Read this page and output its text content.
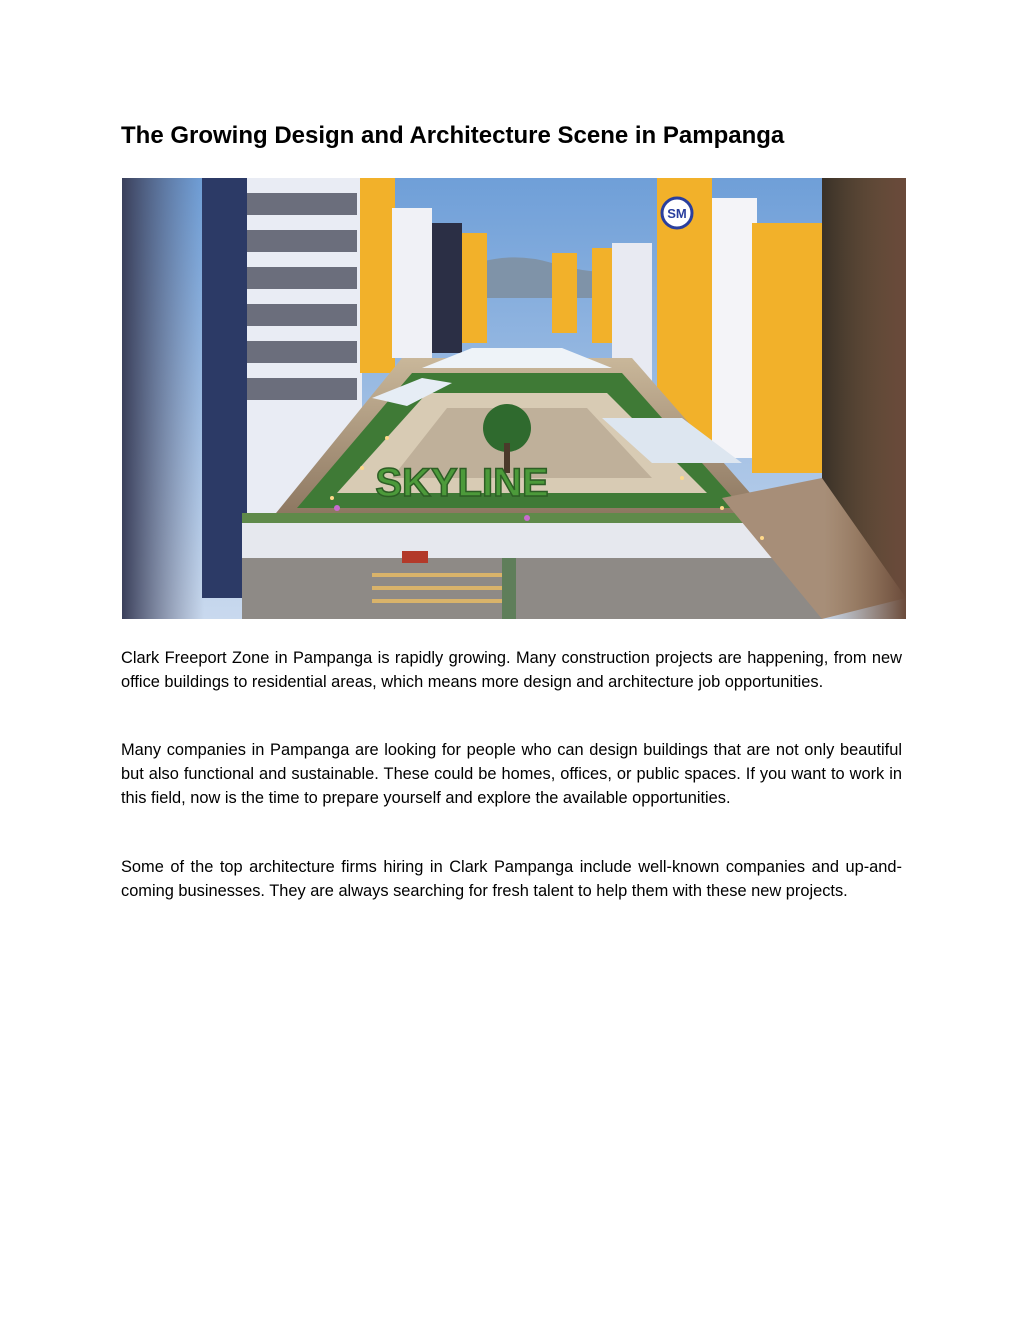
The Growing Design and Architecture Scene in Pampanga
SM
SKYLINE

Clark Freeport Zone in Pampanga is rapidly growing. Many construction projects are happening, from new office buildings to residential areas, which means more design and architecture job opportunities.

Many companies in Pampanga are looking for people who can design buildings that are not only beautiful but also functional and sustainable. These could be homes, offices, or public spaces. If you want to work in this field, now is the time to prepare yourself and explore the available opportunities.

Some of the top architecture firms hiring in Clark Pampanga include well-known companies and up-and-coming businesses. They are always searching for fresh talent to help them with these new projects.
